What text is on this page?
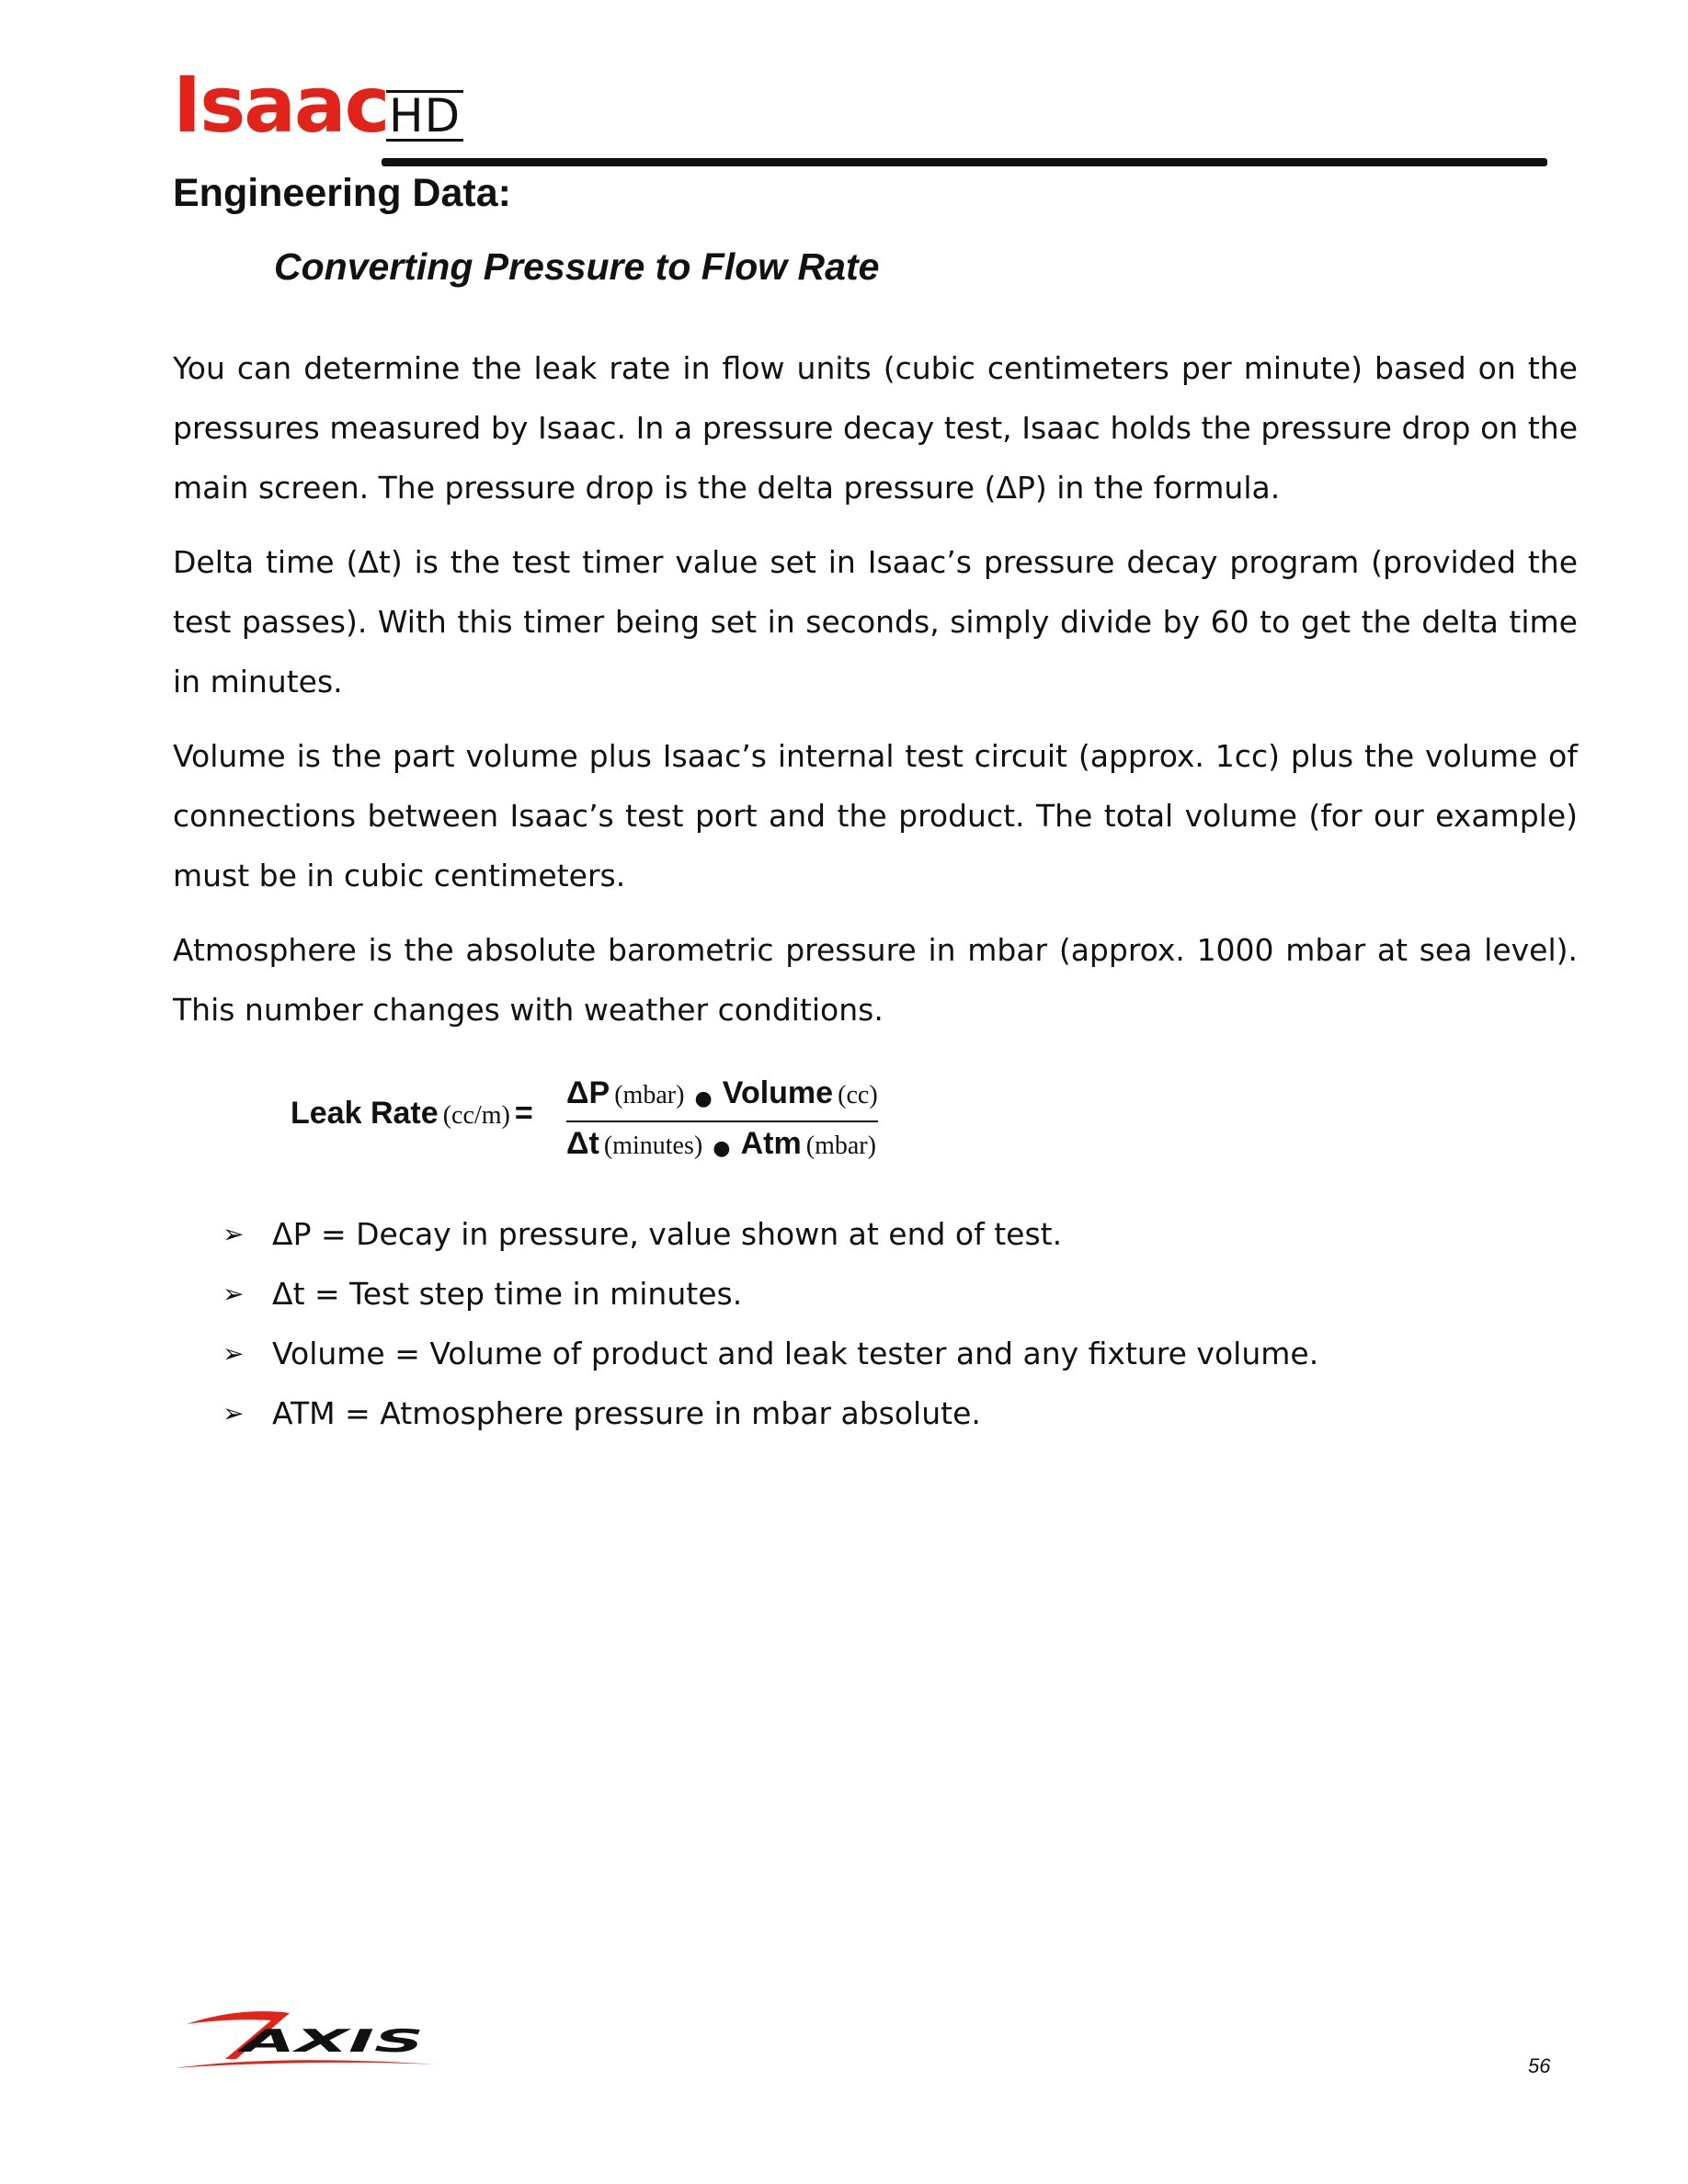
Isaac HD
Engineering Data:
Converting Pressure to Flow Rate

You can determine the leak rate in flow units (cubic centimeters per minute) based on the pressures measured by Isaac. In a pressure decay test, Isaac holds the pressure drop on the main screen. The pressure drop is the delta pressure (ΔP) in the formula.

Delta time (Δt) is the test timer value set in Isaac’s pressure decay program (provided the test passes). With this timer being set in seconds, simply divide by 60 to get the delta time in minutes.

Volume is the part volume plus Isaac’s internal test circuit (approx. 1cc) plus the volume of connections between Isaac’s test port and the product. The total volume (for our example) must be in cubic centimeters.

Atmosphere is the absolute barometric pressure in mbar (approx. 1000 mbar at sea level). This number changes with weather conditions.

Leak Rate (cc/m) =
ΔP (mbar) ● Volume (cc)
Δt (minutes) ● Atm (mbar)
➢ ΔP = Decay in pressure, value shown at end of test.
➢ Δt = Test step time in minutes.
➢ Volume = Volume of product and leak tester and any fixture volume.
➢ ATM = Atmosphere pressure in mbar absolute.
AXIS
56
